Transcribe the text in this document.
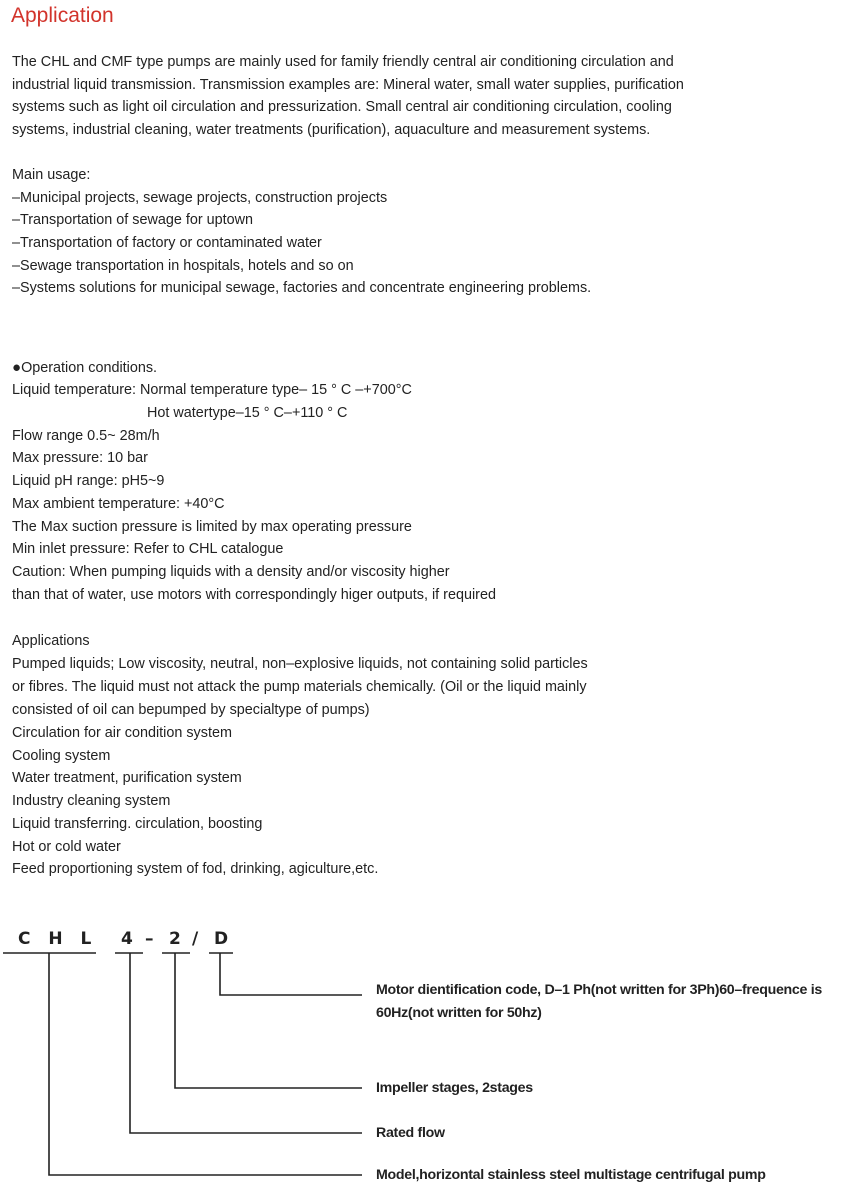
Application
The CHL and CMF type pumps are mainly used for family friendly central air conditioning circulation and
industrial liquid transmission. Transmission examples are: Mineral water, small water supplies, purification
systems such as light oil circulation and pressurization. Small central air conditioning circulation, cooling
systems, industrial cleaning, water treatments (purification), aquaculture and measurement systems.
Main usage:
–Municipal projects, sewage projects, construction projects
–Transportation of sewage for uptown
–Transportation of factory or contaminated water
–Sewage transportation in hospitals, hotels and so on
–Systems solutions for municipal sewage, factories and concentrate engineering problems.
●Operation conditions.
Liquid temperature: Normal temperature type– 15 ° C –+700°C
Hot watertype–15 ° C–+110 ° C
Flow range 0.5~ 28m/h
Max pressure: 10 bar
Liquid pH range: pH5~9
Max ambient temperature: +40°C
The Max suction pressure is limited by max operating pressure
Min inlet pressure: Refer to CHL catalogue
Caution: When pumping liquids with a density and/or viscosity higher
than that of water, use motors with correspondingly higer outputs, if required
Applications
Pumped liquids; Low viscosity, neutral, non–explosive liquids, not containing solid particles
or fibres. The liquid must not attack the pump materials chemically. (Oil or the liquid mainly
consisted of oil can bepumped by specialtype of pumps)
Circulation for air condition system
Cooling system
Water treatment, purification system
Industry cleaning system
Liquid transferring. circulation, boosting
Hot or cold water
Feed proportioning system of fod, drinking, agiculture,etc.
C H L 4 – 2 / D
Motor dientification code, D–1 Ph(not written for 3Ph)60–frequence is
60Hz(not written for 50hz)
Impeller stages, 2stages
Rated flow
Model,horizontal stainless steel multistage centrifugal pump
